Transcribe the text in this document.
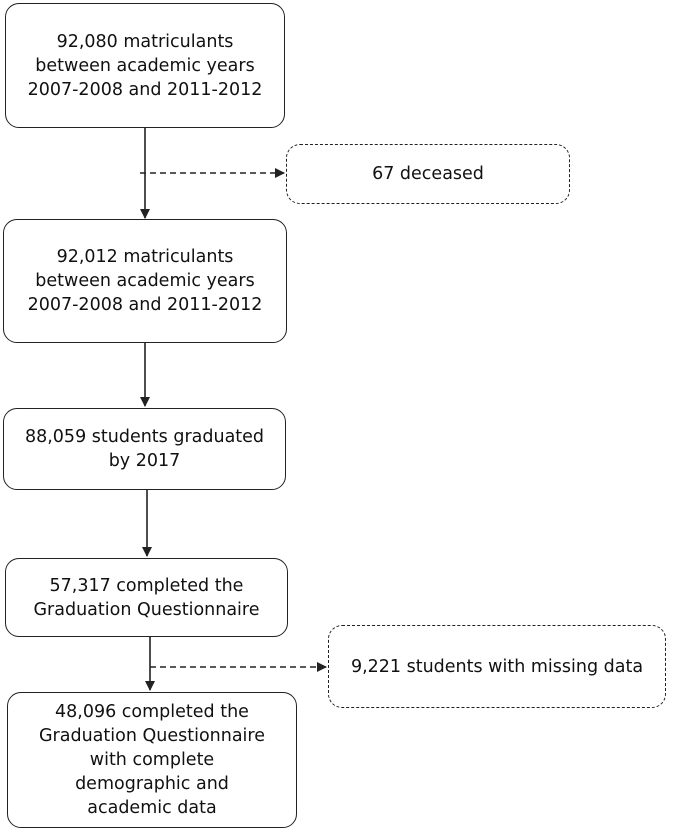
92,080 matriculants
between academic years
2007-2008 and 2011-2012
67 deceased
92,012 matriculants
between academic years
2007-2008 and 2011-2012
88,059 students graduated
by 2017
57,317 completed the
Graduation Questionnaire
9,221 students with missing data
48,096 completed the
Graduation Questionnaire
with complete
demographic and
academic data
